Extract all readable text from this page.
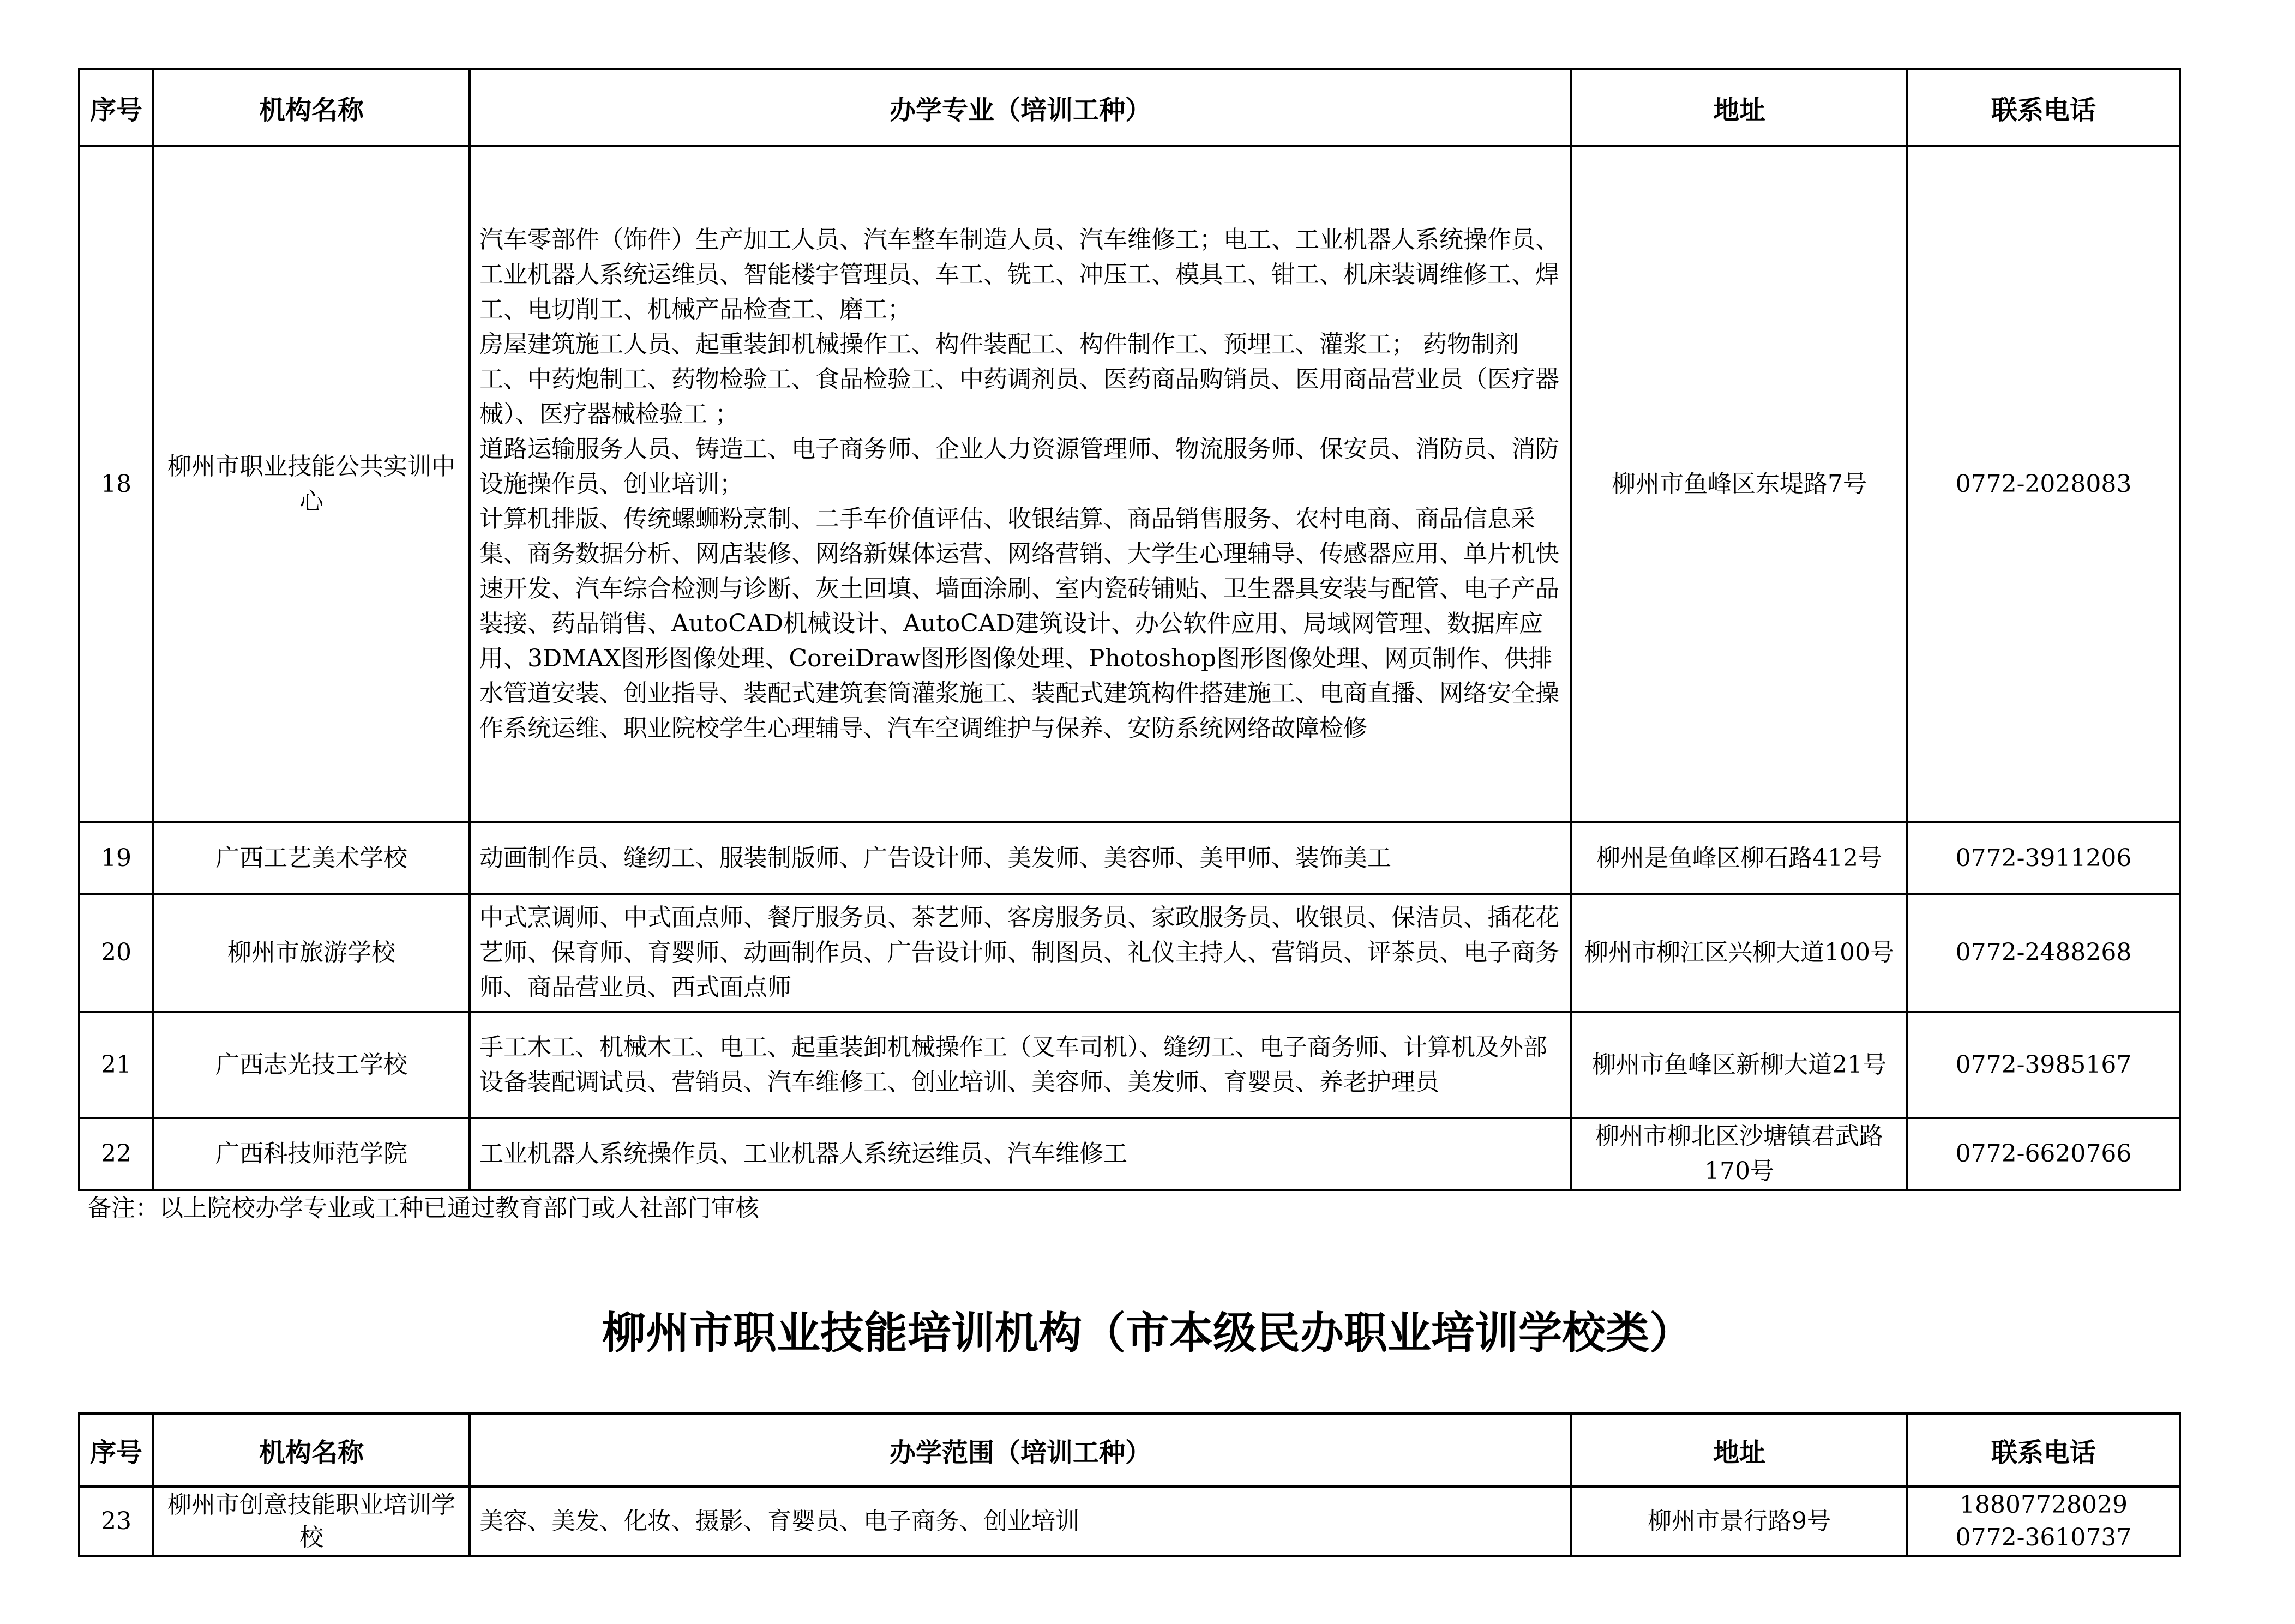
序号	机构名称	办学专业（培训工种）	地址	联系电话
18	柳州市职业技能公共实训中心	汽车零部件（饰件）生产加工人员、汽车整车制造人员、汽车维修工；电工、工业机器人系统操作员、工业机器人系统运维员、智能楼宇管理员、车工、铣工、冲压工、模具工、钳工、机床装调维修工、焊工、电切削工、机械产品检查工、磨工；
房屋建筑施工人员、起重装卸机械操作工、构件装配工、构件制作工、预埋工、灌浆工； 药物制剂工、中药炮制工、药物检验工、食品检验工、中药调剂员、医药商品购销员、医用商品营业员（医疗器械）、医疗器械检验工 ；
道路运输服务人员、铸造工、电子商务师、企业人力资源管理师、物流服务师、保安员、消防员、消防设施操作员、创业培训；
计算机排版、传统螺蛳粉烹制、二手车价值评估、收银结算、商品销售服务、农村电商、商品信息采集、商务数据分析、网店装修、网络新媒体运营、网络营销、大学生心理辅导、传感器应用、单片机快速开发、汽车综合检测与诊断、灰土回填、墙面涂刷、室内瓷砖铺贴、卫生器具安装与配管、电子产品装接、药品销售、AutoCAD机械设计、AutoCAD建筑设计、办公软件应用、局域网管理、数据库应用、3DMAX图形图像处理、CoreiDraw图形图像处理、Photoshop图形图像处理、网页制作、供排水管道安装、创业指导、装配式建筑套筒灌浆施工、装配式建筑构件搭建施工、电商直播、网络安全操作系统运维、职业院校学生心理辅导、汽车空调维护与保养、安防系统网络故障检修	柳州市鱼峰区东堤路7号	0772-2028083
19	广西工艺美术学校	动画制作员、缝纫工、服装制版师、广告设计师、美发师、美容师、美甲师、装饰美工	柳州是鱼峰区柳石路412号	0772-3911206
20	柳州市旅游学校	中式烹调师、中式面点师、餐厅服务员、茶艺师、客房服务员、家政服务员、收银员、保洁员、插花花艺师、保育师、育婴师、动画制作员、广告设计师、制图员、礼仪主持人、营销员、评茶员、电子商务师、商品营业员、西式面点师	柳州市柳江区兴柳大道100号	0772-2488268
21	广西志光技工学校	手工木工、机械木工、电工、起重装卸机械操作工（叉车司机）、缝纫工、电子商务师、计算机及外部设备装配调试员、营销员、汽车维修工、创业培训、美容师、美发师、育婴员、养老护理员	柳州市鱼峰区新柳大道21号	0772-3985167
22	广西科技师范学院	工业机器人系统操作员、工业机器人系统运维员、汽车维修工	柳州市柳北区沙塘镇君武路170号	0772-6620766
备注：以上院校办学专业或工种已通过教育部门或人社部门审核
柳州市职业技能培训机构（市本级民办职业培训学校类）
序号	机构名称	办学范围（培训工种）	地址	联系电话
23	柳州市创意技能职业培训学校	美容、美发、化妆、摄影、育婴员、电子商务、创业培训	柳州市景行路9号	18807728029
0772-3610737
